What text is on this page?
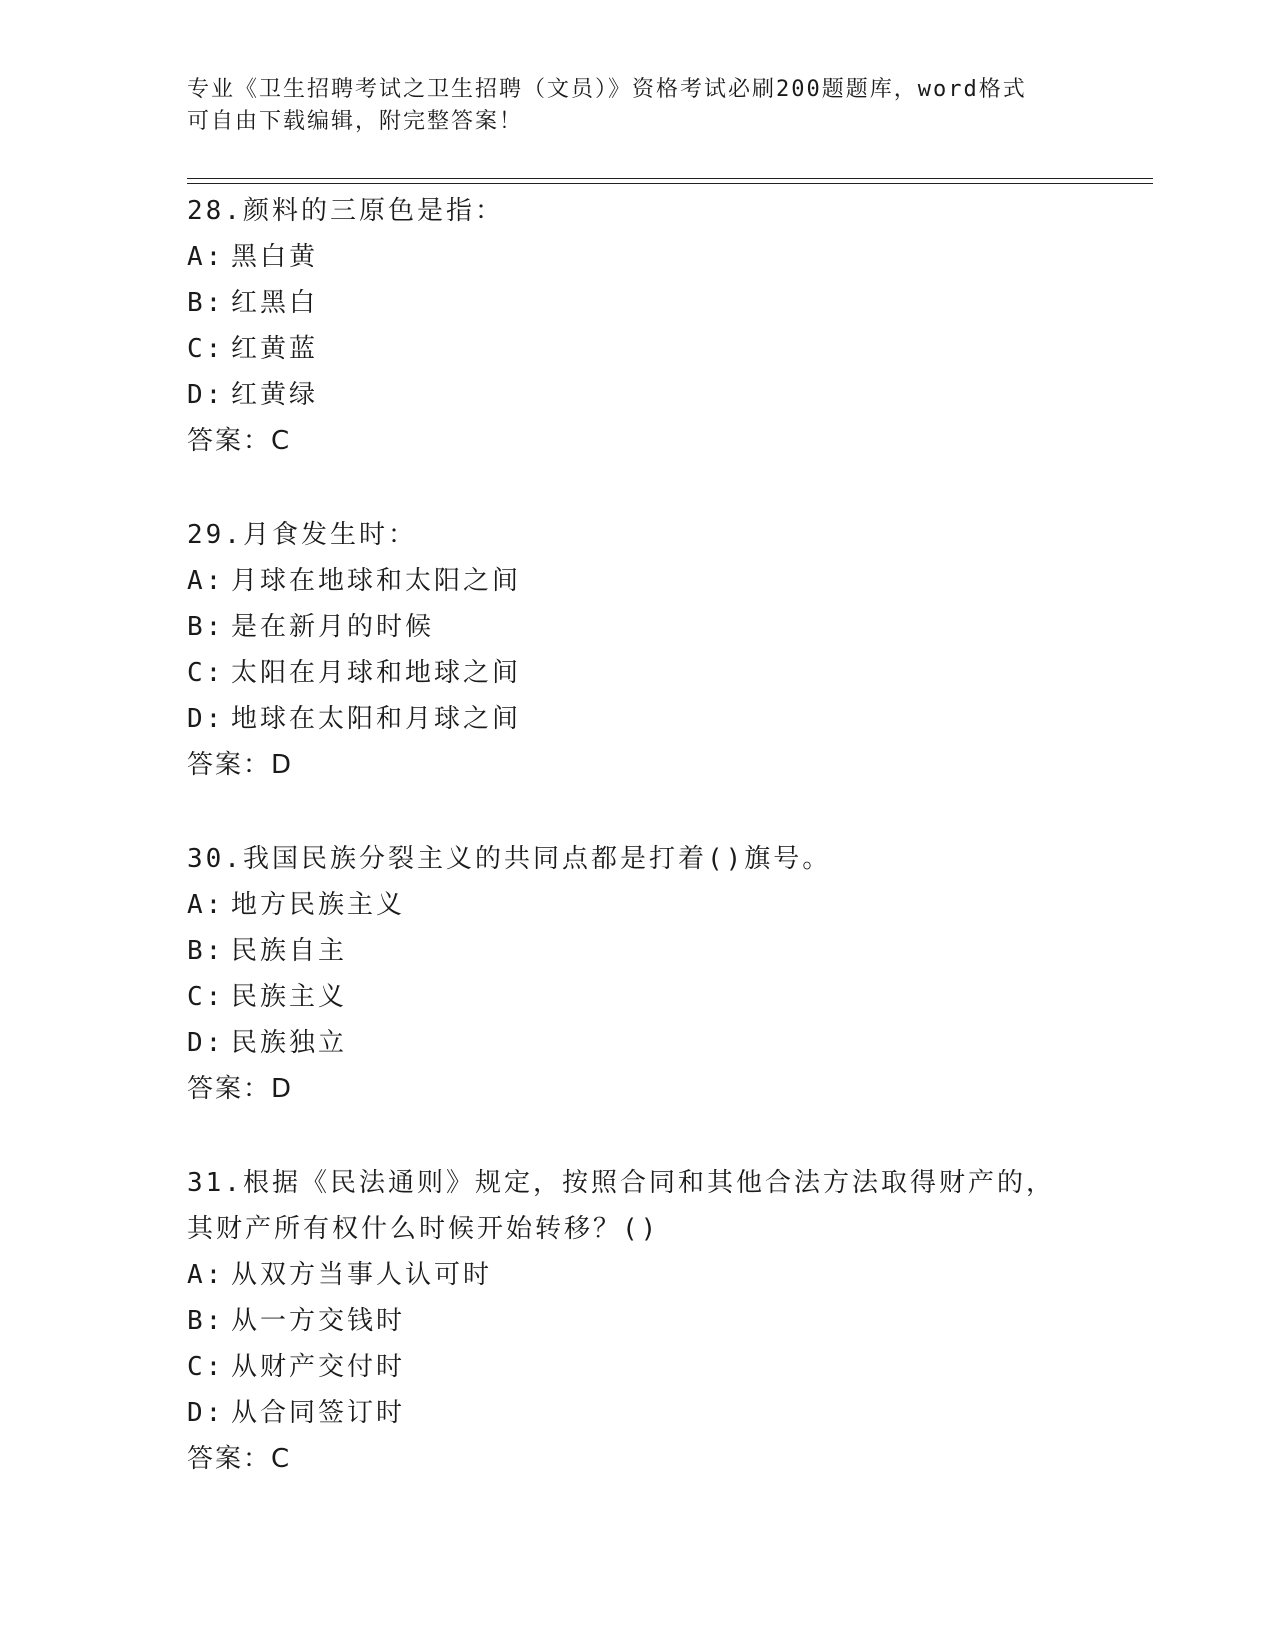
专业《卫生招聘考试之卫生招聘（文员）》资格考试必刷200题题库，word格式
可自由下载编辑，附完整答案！
28.颜料的三原色是指：
A: 黑白黄
B: 红黑白
C: 红黄蓝
D: 红黄绿
答案：C
29.月食发生时：
A: 月球在地球和太阳之间
B: 是在新月的时候
C: 太阳在月球和地球之间
D: 地球在太阳和月球之间
答案：D
30.我国民族分裂主义的共同点都是打着()旗号。
A: 地方民族主义
B: 民族自主
C: 民族主义
D: 民族独立
答案：D
31.根据《民法通则》规定，按照合同和其他合法方法取得财产的，其财产所有权什么时候开始转移？()
A: 从双方当事人认可时
B: 从一方交钱时
C: 从财产交付时
D: 从合同签订时
答案：C
